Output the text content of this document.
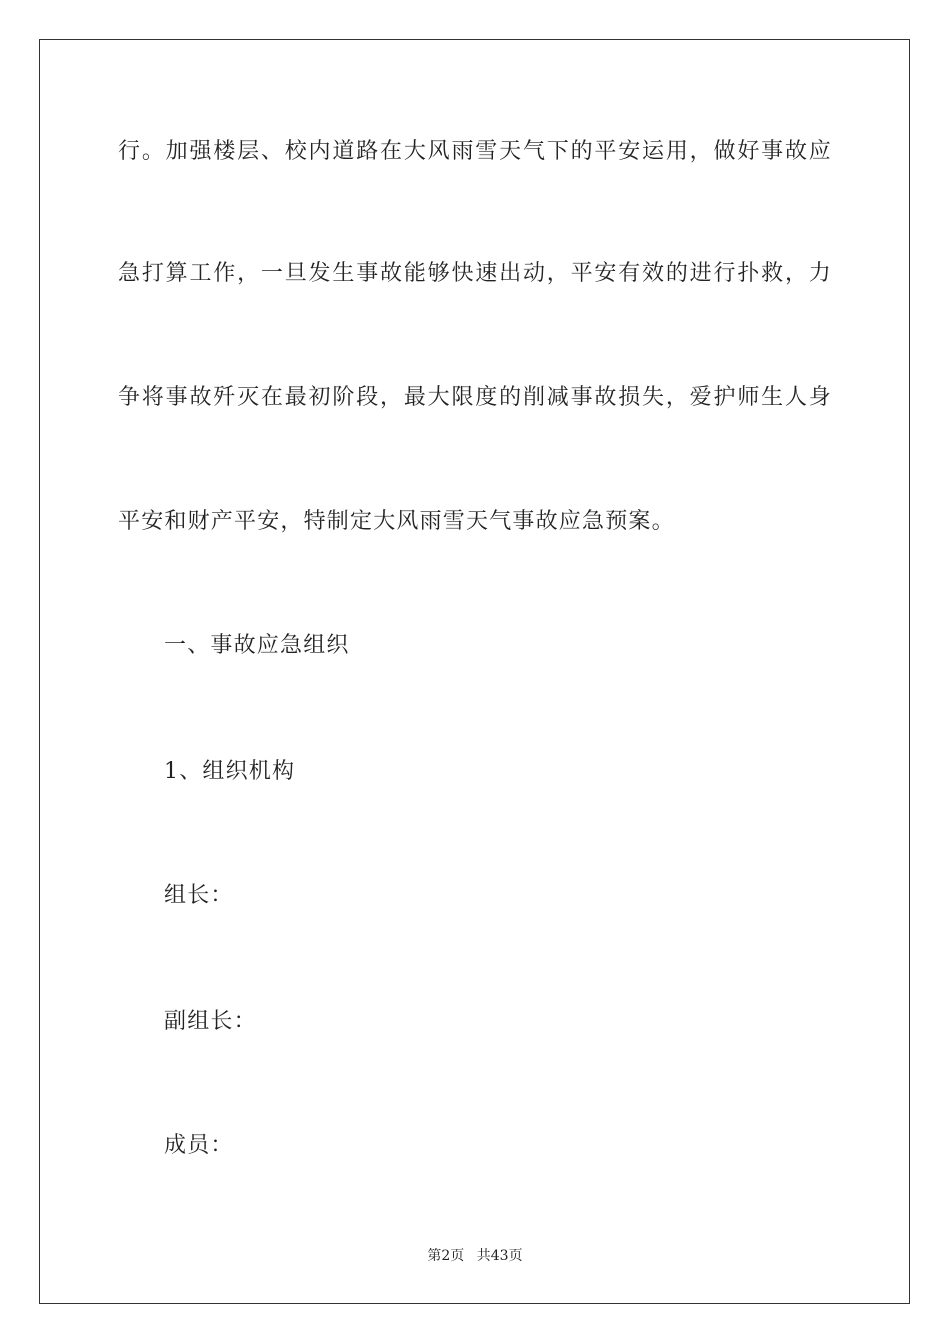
行。加强楼层、校内道路在大风雨雪天气下的平安运用，做好事故应
急打算工作，一旦发生事故能够快速出动，平安有效的进行扑救，力
争将事故歼灭在最初阶段，最大限度的削减事故损失，爱护师生人身
平安和财产平安，特制定大风雨雪天气事故应急预案。
一、事故应急组织
1、组织机构
组长：
副组长：
成员：
第2页 共43页
